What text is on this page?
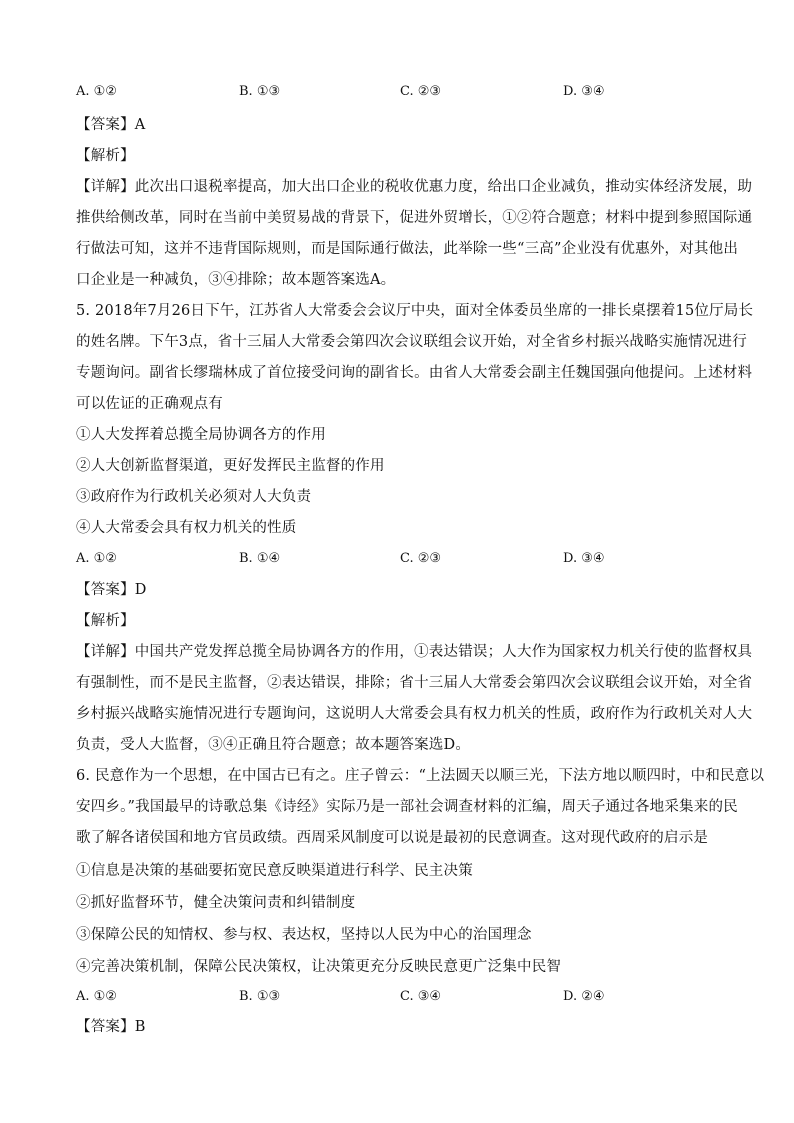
A. ①②	B. ①③	C. ②③	D. ③④
【答案】A
【解析】
【详解】此次出口退税率提高，加大出口企业的税收优惠力度，给出口企业减负，推动实体经济发展，助
推供给侧改革，同时在当前中美贸易战的背景下，促进外贸增长，①②符合题意；材料中提到参照国际通
行做法可知，这并不违背国际规则，而是国际通行做法，此举除一些“三高”企业没有优惠外，对其他出
口企业是一种减负，③④排除；故本题答案选A。
5. 2018年7月26日下午，江苏省人大常委会会议厅中央，面对全体委员坐席的一排长桌摆着15位厅局长
的姓名牌。下午3点，省十三届人大常委会第四次会议联组会议开始，对全省乡村振兴战略实施情况进行
专题询问。副省长缪瑞林成了首位接受问询的副省长。由省人大常委会副主任魏国强向他提问。上述材料
可以佐证的正确观点有
①人大发挥着总揽全局协调各方的作用
②人大创新监督渠道，更好发挥民主监督的作用
③政府作为行政机关必须对人大负责
④人大常委会具有权力机关的性质
A. ①②	B. ①④	C. ②③	D. ③④
【答案】D
【解析】
【详解】中国共产党发挥总揽全局协调各方的作用，①表达错误；人大作为国家权力机关行使的监督权具
有强制性，而不是民主监督，②表达错误，排除；省十三届人大常委会第四次会议联组会议开始，对全省
乡村振兴战略实施情况进行专题询问，这说明人大常委会具有权力机关的性质，政府作为行政机关对人大
负责，受人大监督，③④正确且符合题意；故本题答案选D。
6. 民意作为一个思想，在中国古已有之。庄子曾云：“上法圆天以顺三光，下法方地以顺四时，中和民意以
安四乡。”我国最早的诗歌总集《诗经》实际乃是一部社会调查材料的汇编，周天子通过各地采集来的民
歌了解各诸侯国和地方官员政绩。西周采风制度可以说是最初的民意调查。这对现代政府的启示是
①信息是决策的基础要拓宽民意反映渠道进行科学、民主决策
②抓好监督环节，健全决策问责和纠错制度
③保障公民的知情权、参与权、表达权，坚持以人民为中心的治国理念
④完善决策机制，保障公民决策权，让决策更充分反映民意更广泛集中民智
A. ①②	B. ①③	C. ③④	D. ②④
【答案】B
